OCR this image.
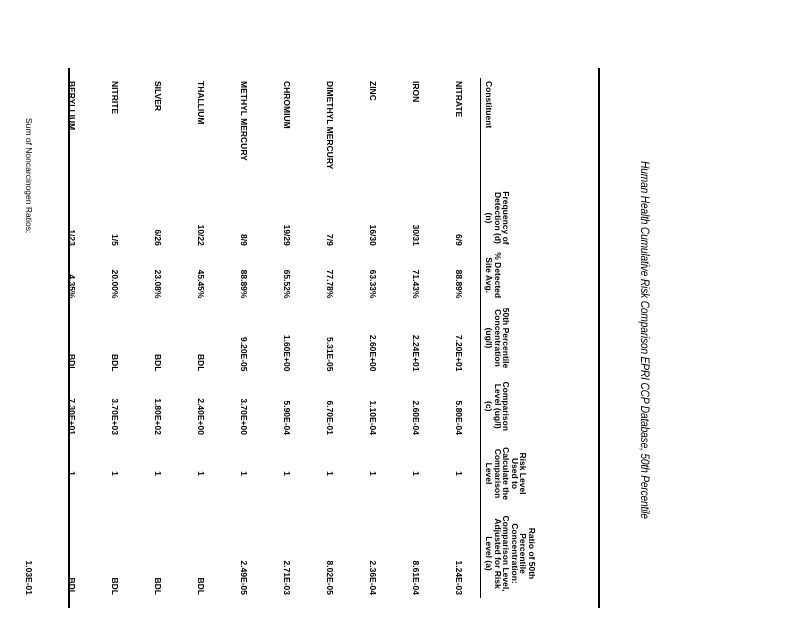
Human Health Cumulative Risk Comparison EPRI CCP Database, 50th Percentile
Constituent	Frequency of Detection (d) (n)	% Detected Site Avg.	50th Percentile Concentration (ug/l)	Comparison Level (ug/l) (c)	Risk Level Used to Calculate the Comparison Level	Ratio of 50th Percentile Concentration: Comparison Level, Adjusted for Risk Level (a)
NITRATE	6/9	88.89%	7.20E+01	5.80E-04	1	1.24E-03
IRON	30/31	71.43%	2.24E+01	2.60E-04	1	8.61E-04
ZINC	16/30	63.33%	2.60E+00	1.10E-04	1	2.36E-04
DIMETHYL MERCURY	7/9	77.78%	5.31E-05	6.70E-01	1	8.02E-05
CHROMIUM	19/29	65.52%	1.60E+00	5.90E-04	1	2.71E-03
METHYL MERCURY	8/9	88.89%	9.20E-05	3.70E+00	1	2.49E-05
THALLIUM	10/22	45.45%	BDL	2.40E+00	1	BDL
SILVER	6/26	23.08%	BDL	1.80E+02	1	BDL
NITRITE	1/5	20.00%	BDL	3.70E+03	1	BDL
BERYLLIUM	1/23	4.35%	BDL	7.30E+01	1	BDL
Sum of Noncarcinogen Ratios:						1.03E-01
